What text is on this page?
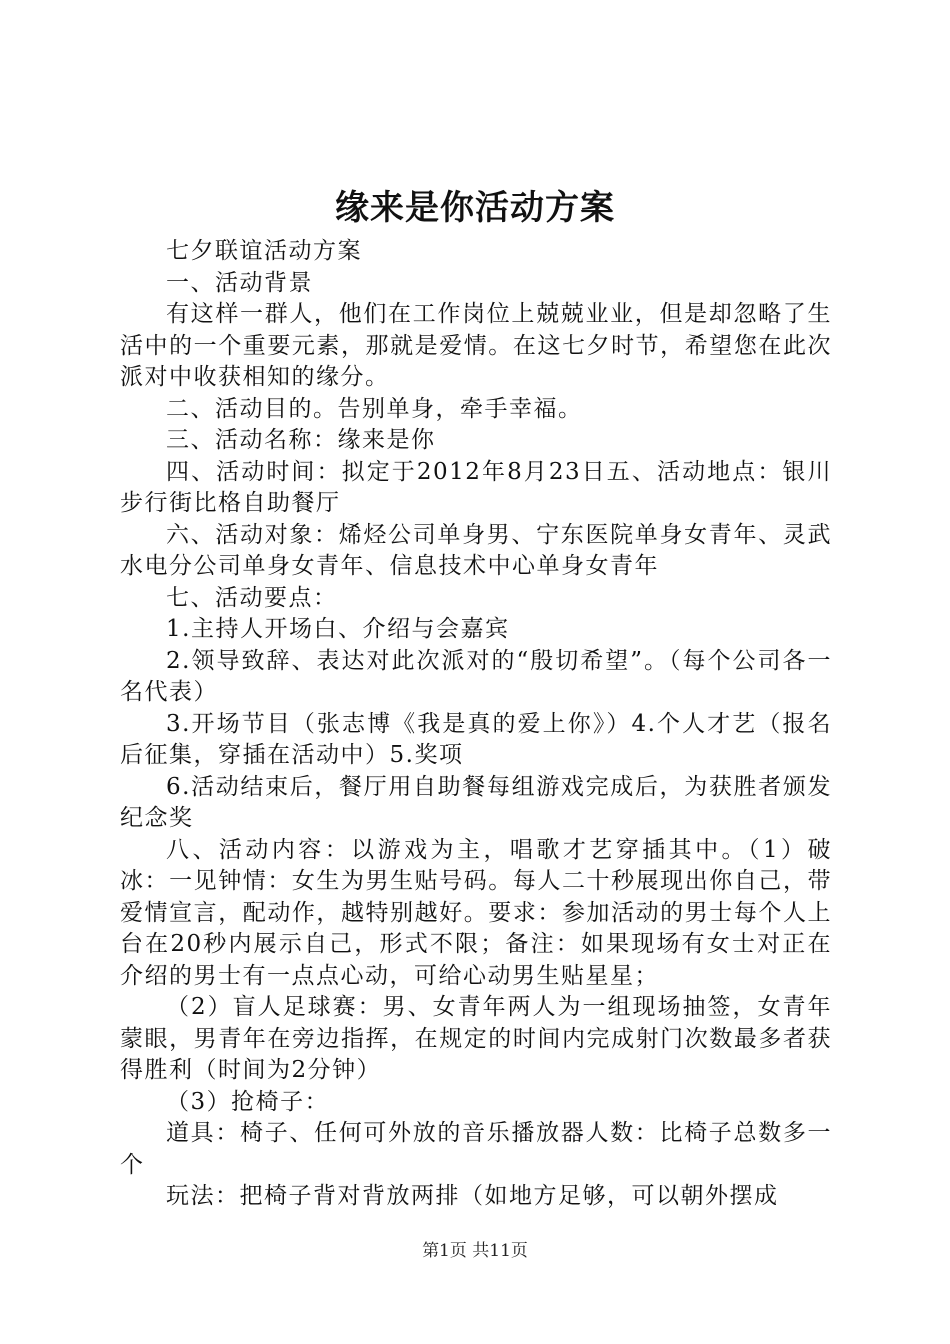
缘来是你活动方案

七夕联谊活动方案

一、活动背景

有这样一群人，他们在工作岗位上兢兢业业，但是却忽略了生活中的一个重要元素，那就是爱情。在这七夕时节，希望您在此次派对中收获相知的缘分。

二、活动目的。告别单身，牵手幸福。

三、活动名称：缘来是你

四、活动时间：拟定于2012年8月23日五、活动地点：银川步行街比格自助餐厅

六、活动对象：烯烃公司单身男、宁东医院单身女青年、灵武水电分公司单身女青年、信息技术中心单身女青年

七、活动要点：

1.主持人开场白、介绍与会嘉宾

2.领导致辞、表达对此次派对的“殷切希望”。（每个公司各一名代表）

3.开场节目（张志博《我是真的爱上你》）4.个人才艺（报名后征集，穿插在活动中）5.奖项

6.活动结束后，餐厅用自助餐每组游戏完成后，为获胜者颁发纪念奖

八、活动内容：以游戏为主，唱歌才艺穿插其中。（1）破冰：一见钟情：女生为男生贴号码。每人二十秒展现出你自己，带爱情宣言，配动作，越特别越好。要求：参加活动的男士每个人上台在20秒内展示自己，形式不限；备注：如果现场有女士对正在介绍的男士有一点点心动，可给心动男生贴星星；

（2）盲人足球赛：男、女青年两人为一组现场抽签，女青年蒙眼，男青年在旁边指挥，在规定的时间内完成射门次数最多者获得胜利（时间为2分钟）

（3）抢椅子：

道具：椅子、任何可外放的音乐播放器人数：比椅子总数多一个

玩法：把椅子背对背放两排（如地方足够，可以朝外摆成

第1页 共11页
